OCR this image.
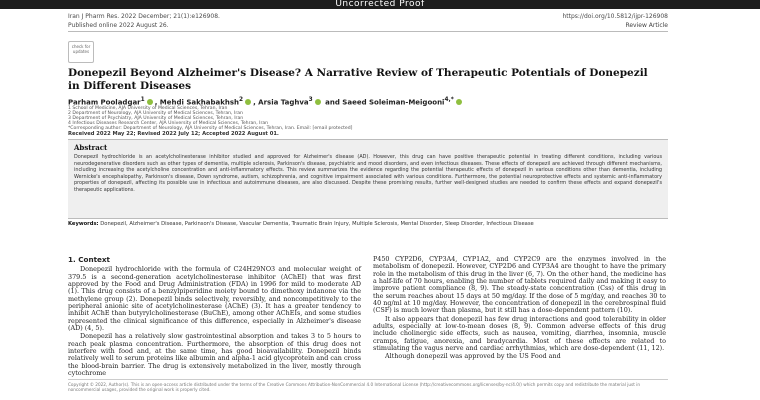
Uncorrected Proof
Iran J Pharm Res. 2022 December; 21(1):e126908.	https://doi.org/10.5812/ijpr-126908
Published online 2022 August 26.	Review Article
check for updates
Donepezil Beyond Alzheimer's Disease? A Narrative Review of Therapeutic Potentials of Donepezil in Different Diseases
Parham Pooladgar$^1$ , Mehdi Sakhabakhsh$^2$ , Arsia Taghva$^3$ and Saeed Soleiman-Meigooni$^{4,*}$
1 School of Medicine, AJA University of Medical Sciences, Tehran, Iran
2 Department of Neurology, AJA University of Medical Sciences, Tehran, Iran
3 Department of Psychiatry, AJA University of Medical Sciences, Tehran, Iran
4 Infectious Diseases Research Center, AJA University of Medical Sciences, Tehran, Iran
*Corresponding author: Department of Neurology, AJA University of Medical Sciences, Tehran, Iran. Email: [email protected]
Received 2022 May 22; Revised 2022 July 12; Accepted 2022 August 01.
Abstract
Donepezil hydrochloride is an acetylcholinesterase inhibitor studied and approved for Alzheimer's disease (AD). However, this drug can have positive therapeutic potential in treating different conditions, including various neurodegenerative disorders such as other types of dementia, multiple sclerosis, Parkinson's disease, psychiatric and mood disorders, and even infectious diseases. These effects of donepezil are achieved through different mechanisms, including increasing the acetylcholine concentration and anti-inflammatory effects. This review summarizes the evidence regarding the potential therapeutic effects of donepezil in various conditions other than dementia, including Wernicke's encephalopathy, Parkinson's disease, Down syndrome, autism, schizophrenia, and cognitive impairment associated with various conditions. Furthermore, the potential neuroprotective effects and systemic anti-inflammatory properties of donepezil, affecting its possible use in infectious and autoimmune diseases, are also discussed. Despite these promising results, further well-designed studies are needed to confirm these effects and expand donepezil's therapeutic applications.
Keywords: Donepezil, Alzheimer's Disease, Parkinson's Disease, Vascular Dementia, Traumatic Brain Injury, Multiple Sclerosis, Mental Disorder, Sleep Disorder, Infectious Disease
1. Context

Donepezil hydrochloride with the formula of C24H29NO3 and molecular weight of 379.5 is a second-generation acetylcholinesterase inhibitor (AChEI) that was first approved by the Food and Drug Administration (FDA) in 1996 for mild to moderate AD (1). This drug consists of a benzylpiperidine moiety bound to dimethoxy indanone via the methylene group (2). Donepezil binds selectively, reversibly, and noncompetitively to the peripheral anionic site of acetylcholinesterase (AChE) (3). It has a greater tendency to inhibit AChE than butyrylcholinesterase (BuChE), among other AChEIs, and some studies represented the clinical significance of this difference, especially in Alzheimer's disease (AD) (4, 5).

Donepezil has a relatively slow gastrointestinal absorption and takes 3 to 5 hours to reach peak plasma concentration. Furthermore, the absorption of this drug does not interfere with food and, at the same time, has good bioavailability. Donepezil binds relatively well to serum proteins like albumin and alpha-1 acid glycoprotein and can cross the blood-brain barrier. The drug is extensively metabolized in the liver, mostly through cytochrome

P450 CYP2D6, CYP3A4, CYP1A2, and CYP2C9 are the enzymes involved in the metabolism of donepezil. However, CYP2D6 and CYP3A4 are thought to have the primary role in the metabolism of this drug in the liver (6, 7). On the other hand, the medicine has a half-life of 70 hours, enabling the number of tablets required daily and making it easy to improve patient compliance (8, 9). The steady-state concentration (Css) of this drug in the serum reaches about 15 days at 50 mg/day. If the dose of 5 mg/day, and reaches 30 to 40 ng/ml at 10 mg/day. However, the concentration of donepezil in the cerebrospinal fluid (CSF) is much lower than plasma, but it still has a dose-dependent pattern (10).

It also appears that donepezil has few drug interactions and good tolerability in older adults, especially at low-to-mean doses (8, 9). Common adverse effects of this drug include cholinergic side effects, such as nausea, vomiting, diarrhea, insomnia, muscle cramps, fatigue, anorexia, and bradycardia. Most of these effects are related to stimulating the vagus nerve and cardiac arrhythmias, which are dose-dependent (11, 12).

Although donepezil was approved by the US Food and

Copyright © 2022, Author(s). This is an open-access article distributed under the terms of the Creative Commons Attribution-NonCommercial 4.0 International License (http://creativecommons.org/licenses/by-nc/4.0/) which permits copy and redistribute the material just in noncommercial usages, provided the original work is properly cited.
